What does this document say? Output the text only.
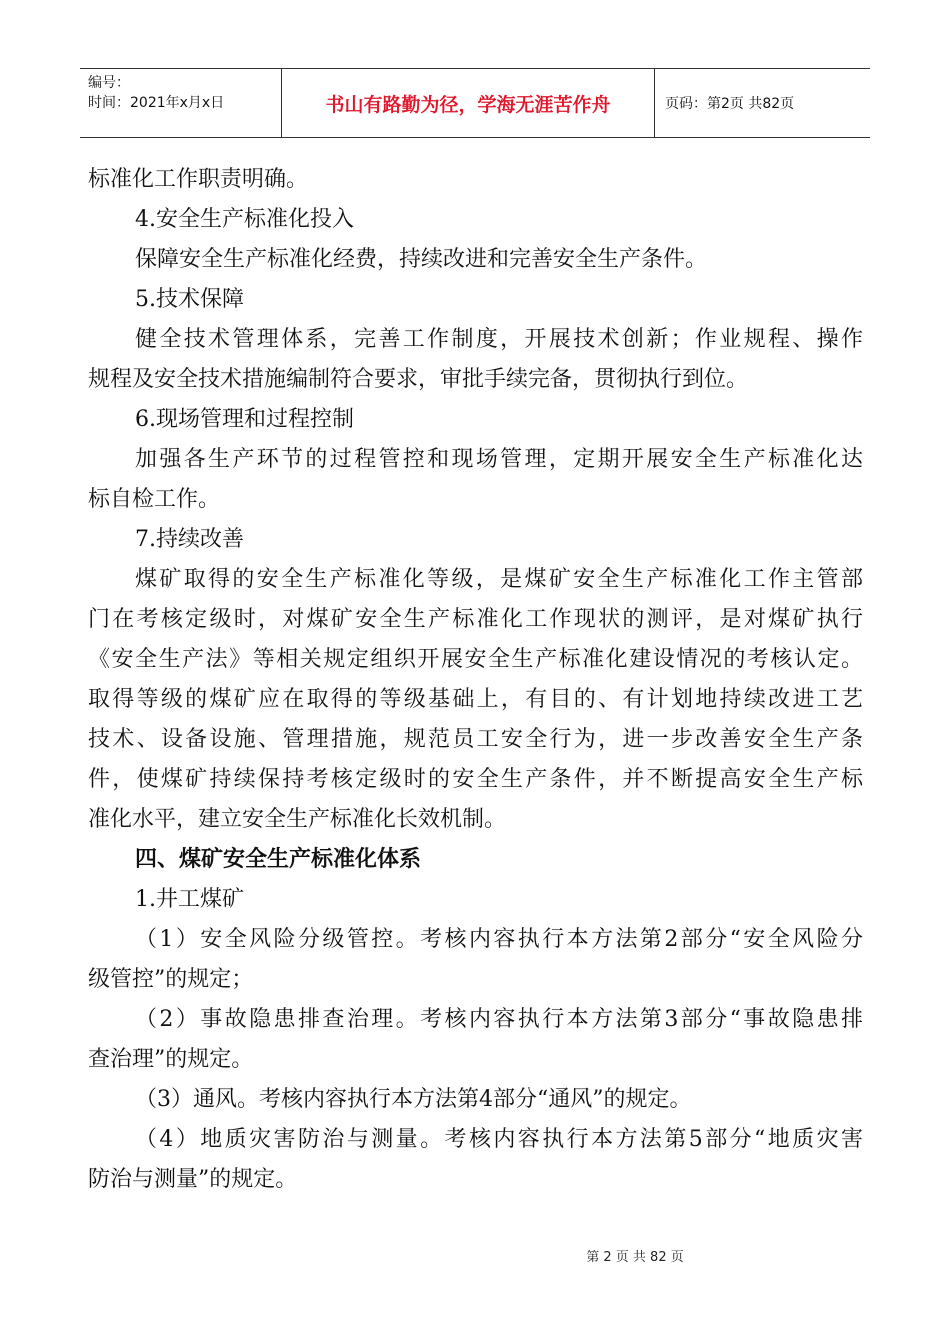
编号：
时间：2021年x月x日	书山有路勤为径，学海无涯苦作舟	页码：第2页 共82页
标准化工作职责明确。
4.安全生产标准化投入
保障安全生产标准化经费，持续改进和完善安全生产条件。
5.技术保障
健全技术管理体系，完善工作制度，开展技术创新；作业规程、操作
规程及安全技术措施编制符合要求，审批手续完备，贯彻执行到位。
6.现场管理和过程控制
加强各生产环节的过程管控和现场管理，定期开展安全生产标准化达
标自检工作。
7.持续改善
煤矿取得的安全生产标准化等级，是煤矿安全生产标准化工作主管部
门在考核定级时，对煤矿安全生产标准化工作现状的测评，是对煤矿执行
《安全生产法》等相关规定组织开展安全生产标准化建设情况的考核认定。
取得等级的煤矿应在取得的等级基础上，有目的、有计划地持续改进工艺
技术、设备设施、管理措施，规范员工安全行为，进一步改善安全生产条
件，使煤矿持续保持考核定级时的安全生产条件，并不断提高安全生产标
准化水平，建立安全生产标准化长效机制。
四、煤矿安全生产标准化体系
1.井工煤矿
（1）安全风险分级管控。考核内容执行本方法第2部分“安全风险分
级管控”的规定；
（2）事故隐患排查治理。考核内容执行本方法第3部分“事故隐患排
查治理”的规定。
（3）通风。考核内容执行本方法第4部分“通风”的规定。
（4）地质灾害防治与测量。考核内容执行本方法第5部分“地质灾害
防治与测量”的规定。
第 2 页 共 82 页
